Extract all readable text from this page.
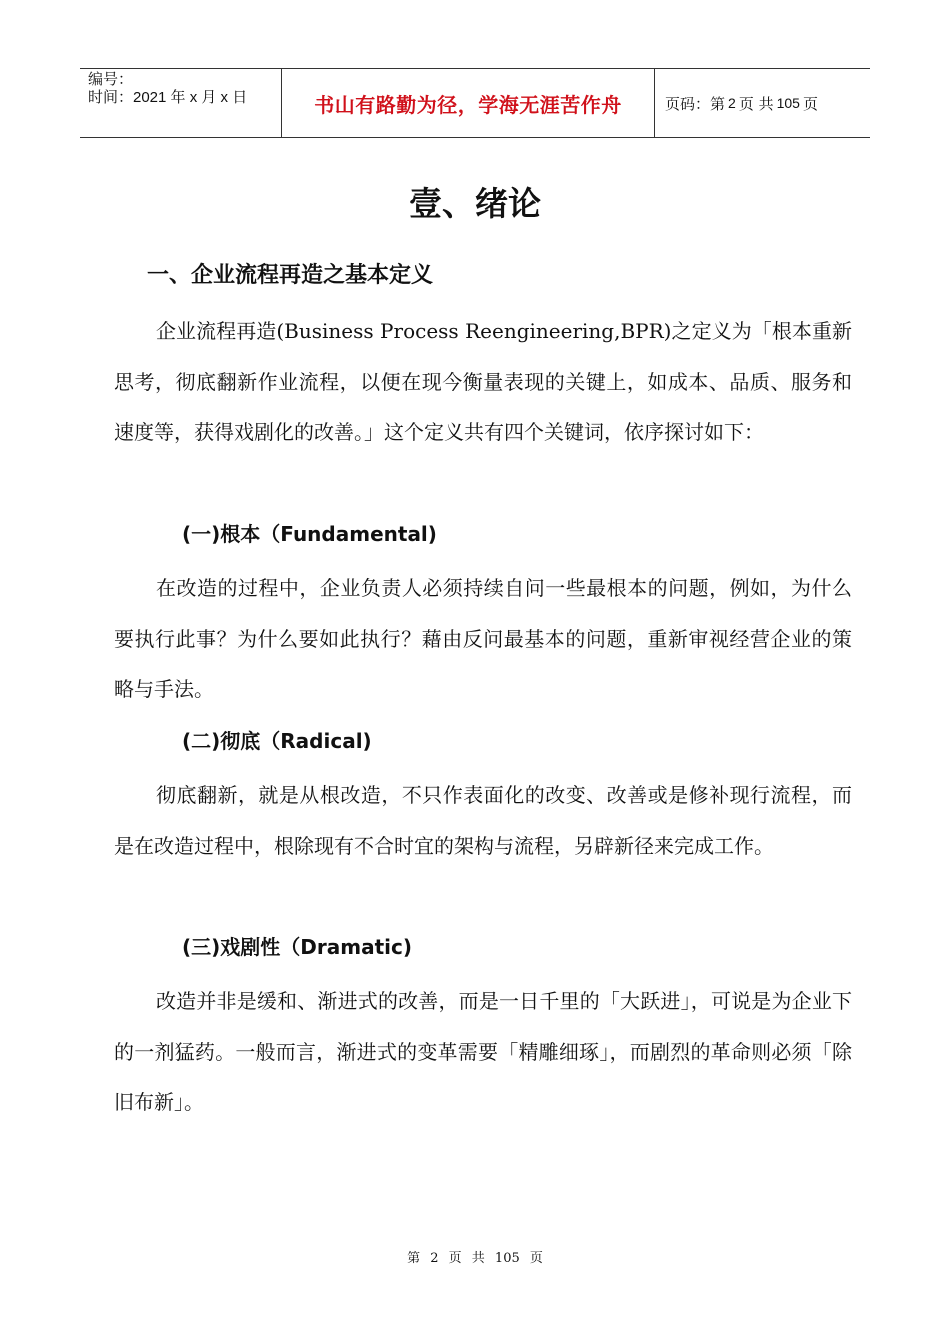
编号：
时间：2021 年 x 月 x 日	书山有路勤为径，学海无涯苦作舟	页码：第 2 页 共 105 页
壹、绪论
一、企业流程再造之基本定义

企业流程再造(Business Process Reengineering,BPR)之定义为「根本重新思考，彻底翻新作业流程，以便在现今衡量表现的关键上，如成本、品质、服务和速度等，获得戏剧化的改善。」这个定义共有四个关键词，依序探讨如下：

(一)根本（Fundamental)

在改造的过程中，企业负责人必须持续自问一些最根本的问题，例如，为什么要执行此事？为什么要如此执行？藉由反问最基本的问题，重新审视经营企业的策略与手法。

(二)彻底（Radical)

彻底翻新，就是从根改造，不只作表面化的改变、改善或是修补现行流程，而是在改造过程中，根除现有不合时宜的架构与流程，另辟新径来完成工作。

(三)戏剧性（Dramatic)

改造并非是缓和、渐进式的改善，而是一日千里的「大跃进」，可说是为企业下的一剂猛药。一般而言，渐进式的变革需要「精雕细琢」，而剧烈的革命则必须「除旧布新」。

第 2 页 共 105 页
